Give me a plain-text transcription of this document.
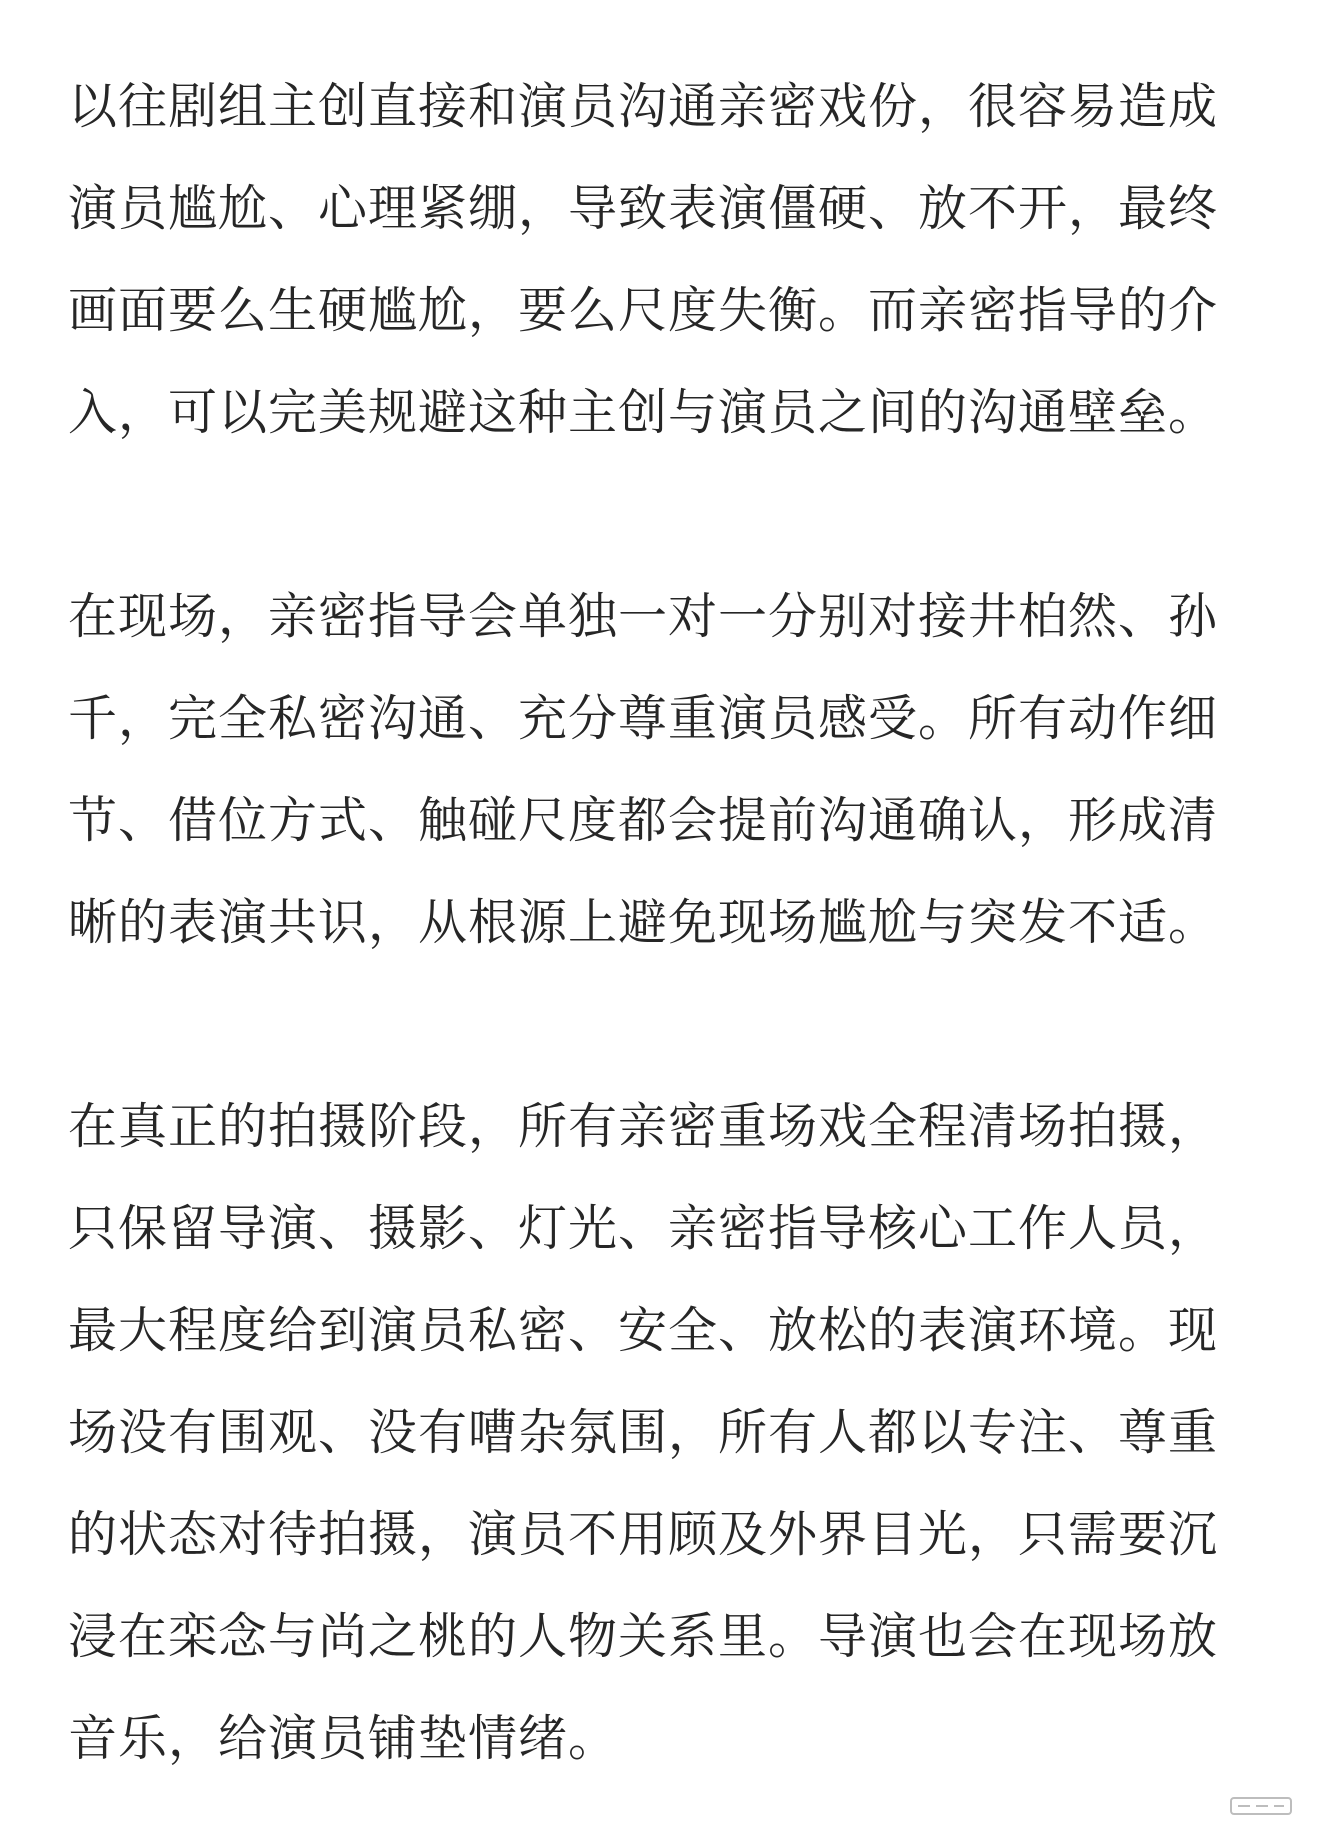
以往剧组主创直接和演员沟通亲密戏份，很容易造成
演员尴尬、心理紧绷，导致表演僵硬、放不开，最终
画面要么生硬尴尬，要么尺度失衡。而亲密指导的介
入，可以完美规避这种主创与演员之间的沟通壁垒。

在现场，亲密指导会单独一对一分别对接井柏然、孙
千，完全私密沟通、充分尊重演员感受。所有动作细
节、借位方式、触碰尺度都会提前沟通确认，形成清
晰的表演共识，从根源上避免现场尴尬与突发不适。

在真正的拍摄阶段，所有亲密重场戏全程清场拍摄，
只保留导演、摄影、灯光、亲密指导核心工作人员，
最大程度给到演员私密、安全、放松的表演环境。现
场没有围观、没有嘈杂氛围，所有人都以专注、尊重
的状态对待拍摄，演员不用顾及外界目光，只需要沉
浸在栾念与尚之桃的人物关系里。导演也会在现场放
音乐，给演员铺垫情绪。
